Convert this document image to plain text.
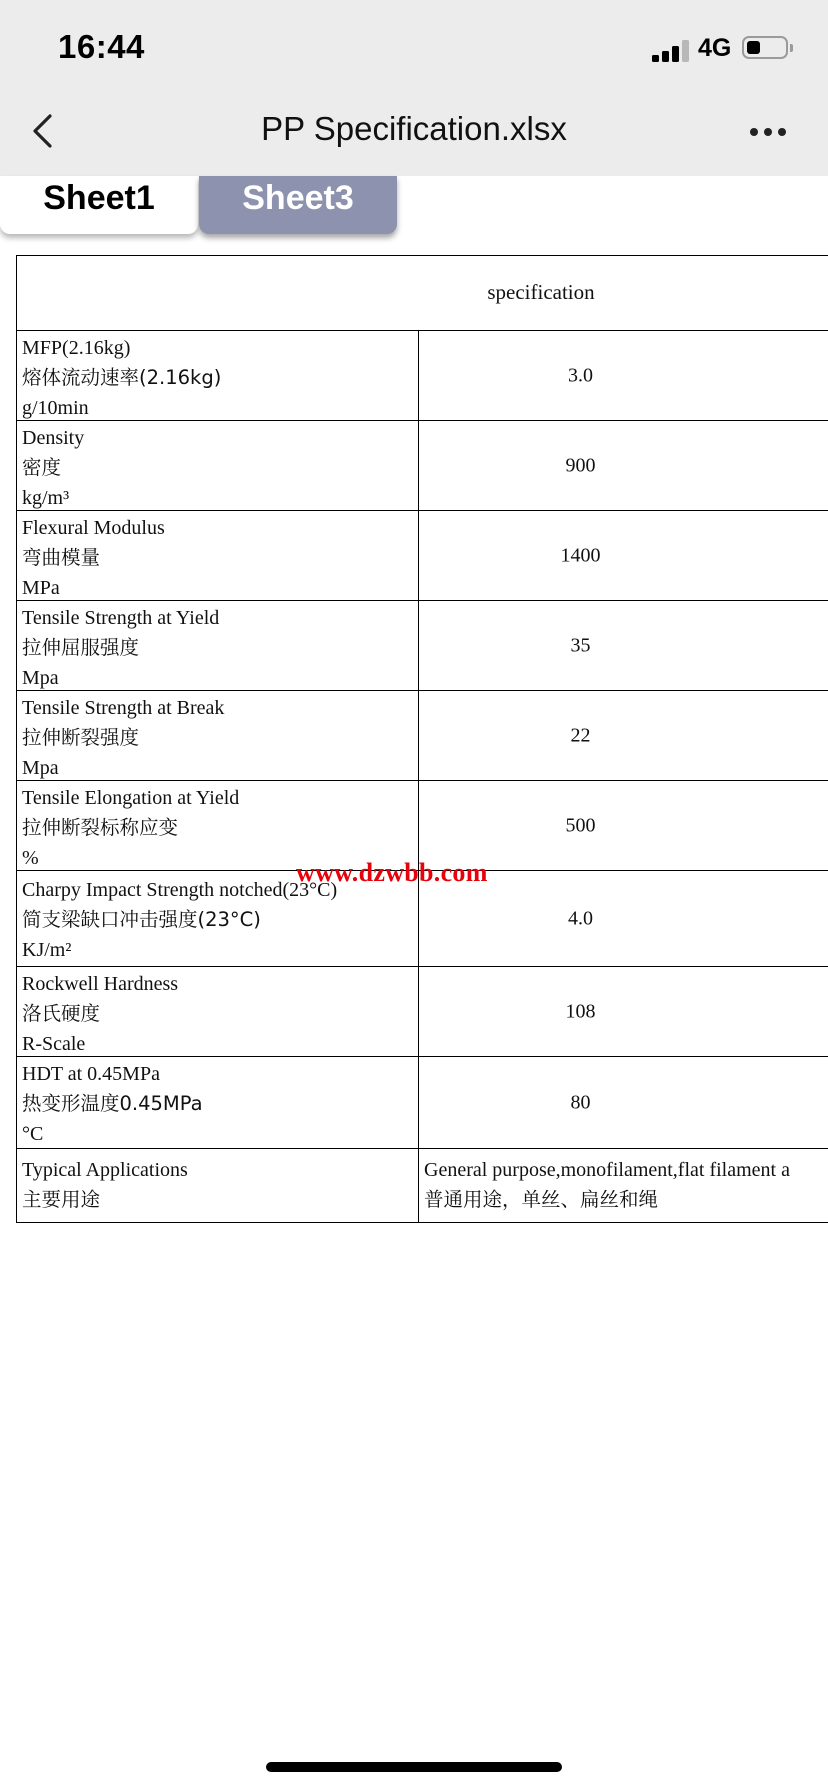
16:44	4G
PP Specification.xlsx
Sheet1	Sheet3
specification
MFP(2.16kg)
熔体流动速率(2.16kg)
g/10min
3.0
Density
密度
kg/m³
900
Flexural Modulus
弯曲模量
MPa
1400
Tensile Strength at Yield
拉伸屈服强度
Mpa
35
Tensile Strength at Break
拉伸断裂强度
Mpa
22
Tensile Elongation at Yield
拉伸断裂标称应变
%
500
Charpy Impact Strength notched(23°C)
简支梁缺口冲击强度(23°C)
KJ/m²
4.0
Rockwell Hardness
洛氏硬度
R-Scale
108
HDT at 0.45MPa
热变形温度0.45MPa
°C
80
Typical Applications
主要用途
General purpose,monofilament,flat filament a
普通用途，单丝、扁丝和绳
www.dzwbb.com
